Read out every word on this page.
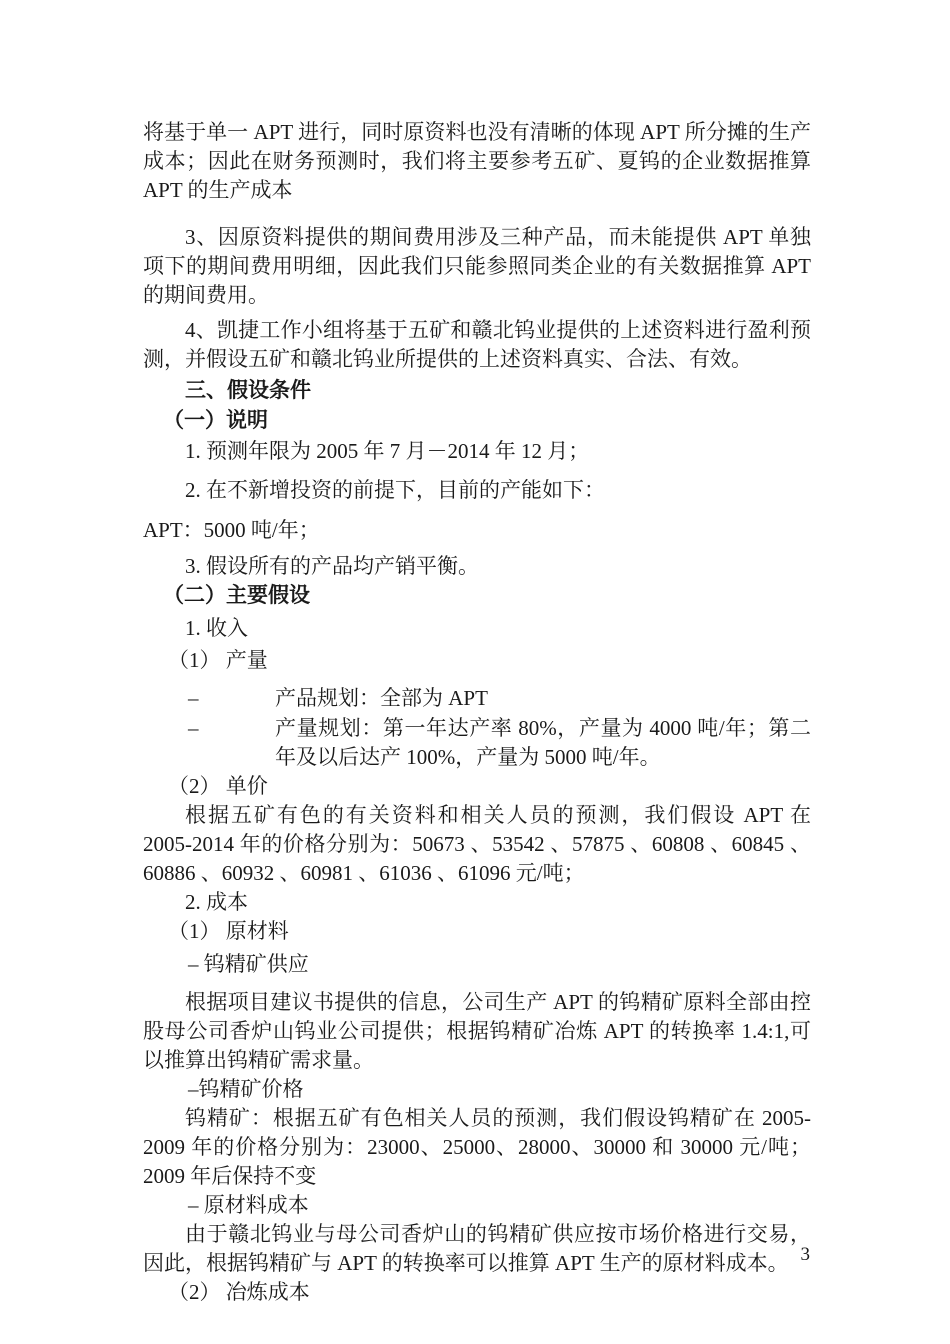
将基于单一 APT 进行，同时原资料也没有清晰的体现 APT 所分摊的生产成本；因此在财务预测时，我们将主要参考五矿、夏钨的企业数据推算 APT 的生产成本

3、因原资料提供的期间费用涉及三种产品，而未能提供 APT 单独项下的期间费用明细，因此我们只能参照同类企业的有关数据推算 APT 的期间费用。

4、凯捷工作小组将基于五矿和赣北钨业提供的上述资料进行盈利预测，并假设五矿和赣北钨业所提供的上述资料真实、合法、有效。

三、假设条件

（一）说明

1. 预测年限为 2005 年 7 月－2014 年 12 月；

2. 在不新增投资的前提下，目前的产能如下：

APT：5000 吨/年；

3. 假设所有的产品均产销平衡。

（二）主要假设

1. 收入

（1） 产量

–	产品规划：全部为 APT
–	产量规划：第一年达产率 80%，产量为 4000 吨/年；第二年及以后达产 100%，产量为 5000 吨/年。

（2） 单价

根据五矿有色的有关资料和相关人员的预测，我们假设 APT 在 2005-2014 年的价格分别为：50673 、53542 、57875 、60808 、60845 、60886 、60932 、60981 、61036 、61096 元/吨；

2. 成本

（1） 原材料

– 钨精矿供应

根据项目建议书提供的信息，公司生产 APT 的钨精矿原料全部由控股母公司香炉山钨业公司提供；根据钨精矿冶炼 APT 的转换率 1.4:1,可以推算出钨精矿需求量。

–钨精矿价格

钨精矿：根据五矿有色相关人员的预测，我们假设钨精矿在 2005-2009 年的价格分别为：23000、25000、28000、30000 和 30000 元/吨；2009 年后保持不变

– 原材料成本

由于赣北钨业与母公司香炉山的钨精矿供应按市场价格进行交易，因此，根据钨精矿与 APT 的转换率可以推算 APT 生产的原材料成本。

（2） 冶炼成本

3
